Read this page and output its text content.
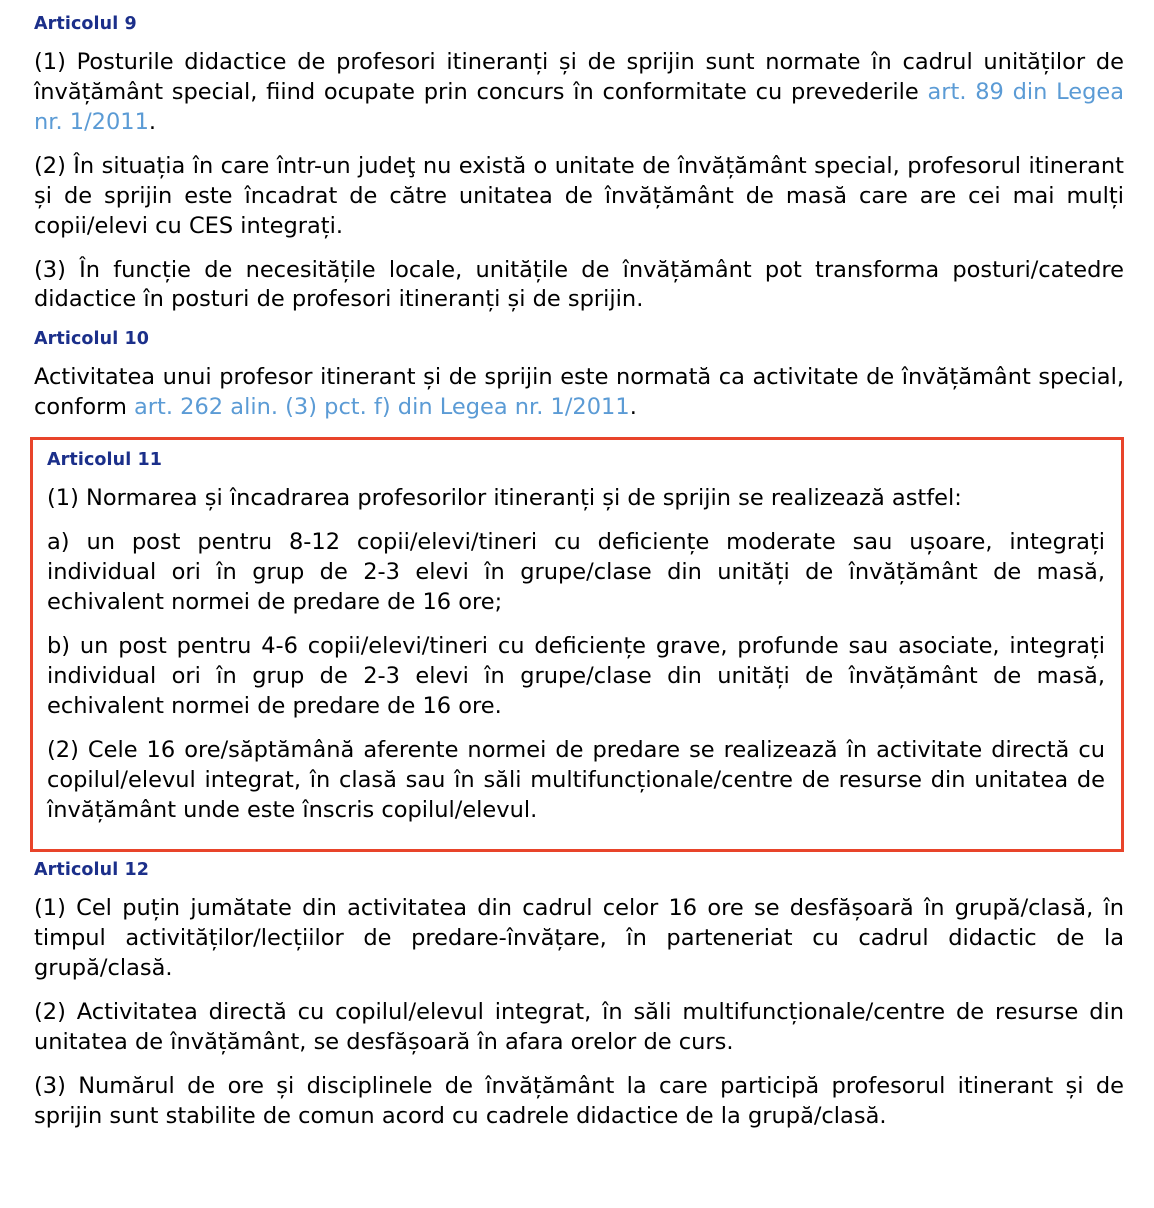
Articolul 9

(1) Posturile didactice de profesori itineranți și de sprijin sunt normate în cadrul unităților de învățământ special, fiind ocupate prin concurs în conformitate cu prevederile art. 89 din Legea nr. 1/2011.

(2) În situația în care într-un judeţ nu există o unitate de învățământ special, profesorul itinerant și de sprijin este încadrat de către unitatea de învățământ de masă care are cei mai mulți copii/elevi cu CES integrați.

(3) În funcție de necesitățile locale, unitățile de învățământ pot transforma posturi/catedre didactice în posturi de profesori itineranți și de sprijin.

Articolul 10

Activitatea unui profesor itinerant și de sprijin este normată ca activitate de învățământ special, conform art. 262 alin. (3) pct. f) din Legea nr. 1/2011.

Articolul 11

(1) Normarea și încadrarea profesorilor itineranți și de sprijin se realizează astfel:

a) un post pentru 8-12 copii/elevi/tineri cu deficiențe moderate sau ușoare, integrați individual ori în grup de 2-3 elevi în grupe/clase din unități de învățământ de masă, echivalent normei de predare de 16 ore;

b) un post pentru 4-6 copii/elevi/tineri cu deficiențe grave, profunde sau asociate, integrați individual ori în grup de 2-3 elevi în grupe/clase din unități de învățământ de masă, echivalent normei de predare de 16 ore.

(2) Cele 16 ore/săptămână aferente normei de predare se realizează în activitate directă cu copilul/elevul integrat, în clasă sau în săli multifuncționale/centre de resurse din unitatea de învățământ unde este înscris copilul/elevul.

Articolul 12

(1) Cel puțin jumătate din activitatea din cadrul celor 16 ore se desfășoară în grupă/clasă, în timpul activităților/lecțiilor de predare-învățare, în parteneriat cu cadrul didactic de la grupă/clasă.

(2) Activitatea directă cu copilul/elevul integrat, în săli multifuncționale/centre de resurse din unitatea de învățământ, se desfășoară în afara orelor de curs.

(3) Numărul de ore și disciplinele de învățământ la care participă profesorul itinerant și de sprijin sunt stabilite de comun acord cu cadrele didactice de la grupă/clasă.
